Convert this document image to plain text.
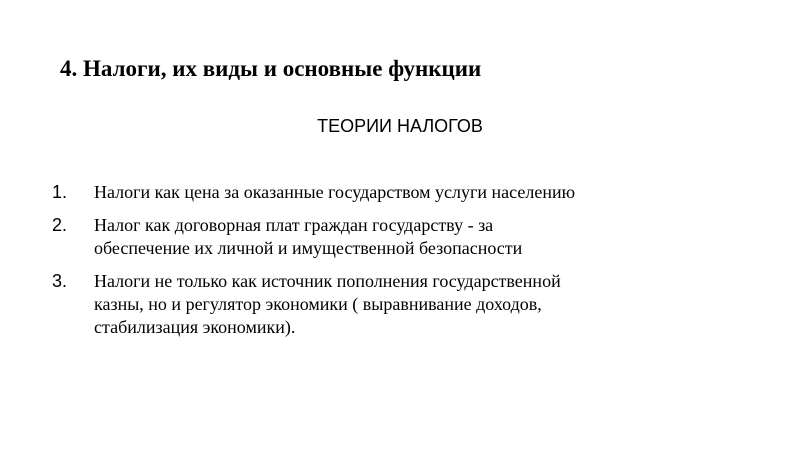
4. Налоги, их виды и основные функции
ТЕОРИИ НАЛОГОВ
1. Налоги как цена за оказанные государством услуги населению
2. Налог как договорная плат граждан государству - за
обеспечение их личной и имущественной безопасности
3. Налоги не только как источник пополнения государственной
казны, но и регулятор экономики ( выравнивание доходов,
стабилизация экономики).
